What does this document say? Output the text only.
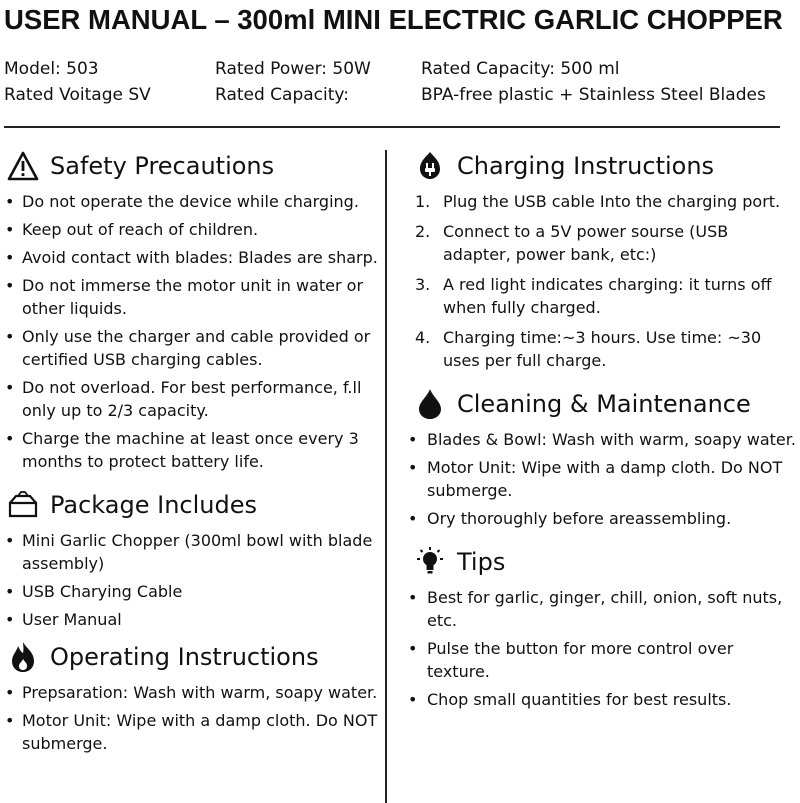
USER MANUAL – 300ml MINI ELECTRIC GARLIC CHOPPER
Model: 503	Rated Power: 50W	Rated Capacity: 500 ml
Rated Voitage SV	Rated Capacity:	BPA-free plastic + Stainless Steel Blades
Safety Precautions
• Do not operate the device while charging.
• Keep out of reach of children.
• Avoid contact with blades: Blades are sharp.
• Do not immerse the motor unit in water or other liquids.
• Only use the charger and cable provided or certified USB charging cables.
• Do not overload. For best performance, f.ll only up to 2/3 capacity.
• Charge the machine at least once every 3 months to protect battery life.
Package Includes
• Mini Garlic Chopper (300ml bowl with blade assembly)
• USB Charying Cable
• User Manual
Operating Instructions
• Prepsaration: Wash with warm, soapy water.
• Motor Unit: Wipe with a damp cloth. Do NOT submerge.
Charging Instructions
1. Plug the USB cable Into the charging port.
2. Connect to a 5V power sourse (USB adapter, power bank, etc:)
3. A red light indicates charging: it turns off when fully charged.
4. Charging time:~3 hours. Use time: ~30 uses per full charge.
Cleaning & Maintenance
• Blades & Bowl: Wash with warm, soapy water.
• Motor Unit: Wipe with a damp cloth. Do NOT submerge.
• Ory thoroughly before areassembling.
Tips
• Best for garlic, ginger, chill, onion, soft nuts, etc.
• Pulse the button for more control over texture.
• Chop small quantities for best results.
